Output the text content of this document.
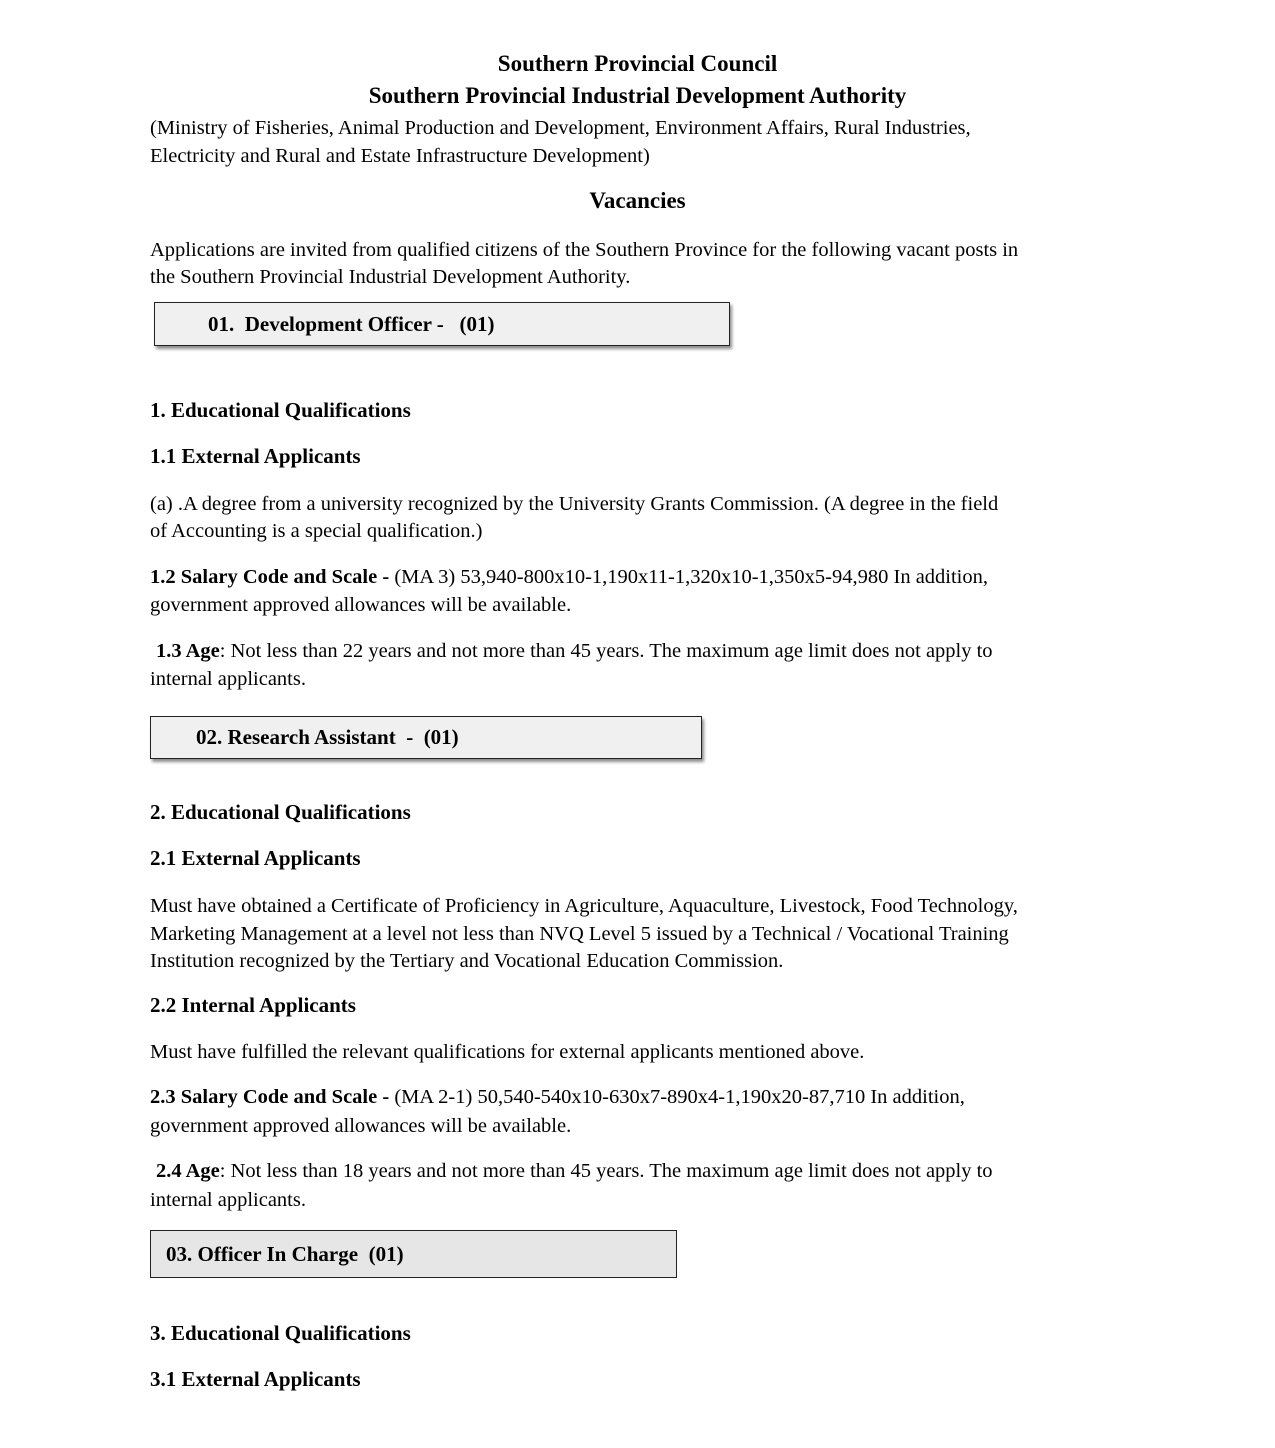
Southern Provincial Council
Southern Provincial Industrial Development Authority
(Ministry of Fisheries, Animal Production and Development, Environment Affairs, Rural Industries,
Electricity and Rural and Estate Infrastructure Development)
Vacancies
Applications are invited from qualified citizens of the Southern Province for the following vacant posts in
the Southern Provincial Industrial Development Authority.
01.  Development Officer -   (01)
1. Educational Qualifications
1.1 External Applicants
(a) .A degree from a university recognized by the University Grants Commission. (A degree in the field
of Accounting is a special qualification.)
1.2 Salary Code and Scale - (MA 3) 53,940-800x10-1,190x11-1,320x10-1,350x5-94,980 In addition,
government approved allowances will be available.
1.3 Age: Not less than 22 years and not more than 45 years. The maximum age limit does not apply to
internal applicants.
02. Research Assistant  -  (01)
2. Educational Qualifications
2.1 External Applicants
Must have obtained a Certificate of Proficiency in Agriculture, Aquaculture, Livestock, Food Technology,
Marketing Management at a level not less than NVQ Level 5 issued by a Technical / Vocational Training
Institution recognized by the Tertiary and Vocational Education Commission.
2.2 Internal Applicants
Must have fulfilled the relevant qualifications for external applicants mentioned above.
2.3 Salary Code and Scale - (MA 2-1) 50,540-540x10-630x7-890x4-1,190x20-87,710 In addition,
government approved allowances will be available.
2.4 Age: Not less than 18 years and not more than 45 years. The maximum age limit does not apply to
internal applicants.
03. Officer In Charge  (01)
3. Educational Qualifications
3.1 External Applicants
